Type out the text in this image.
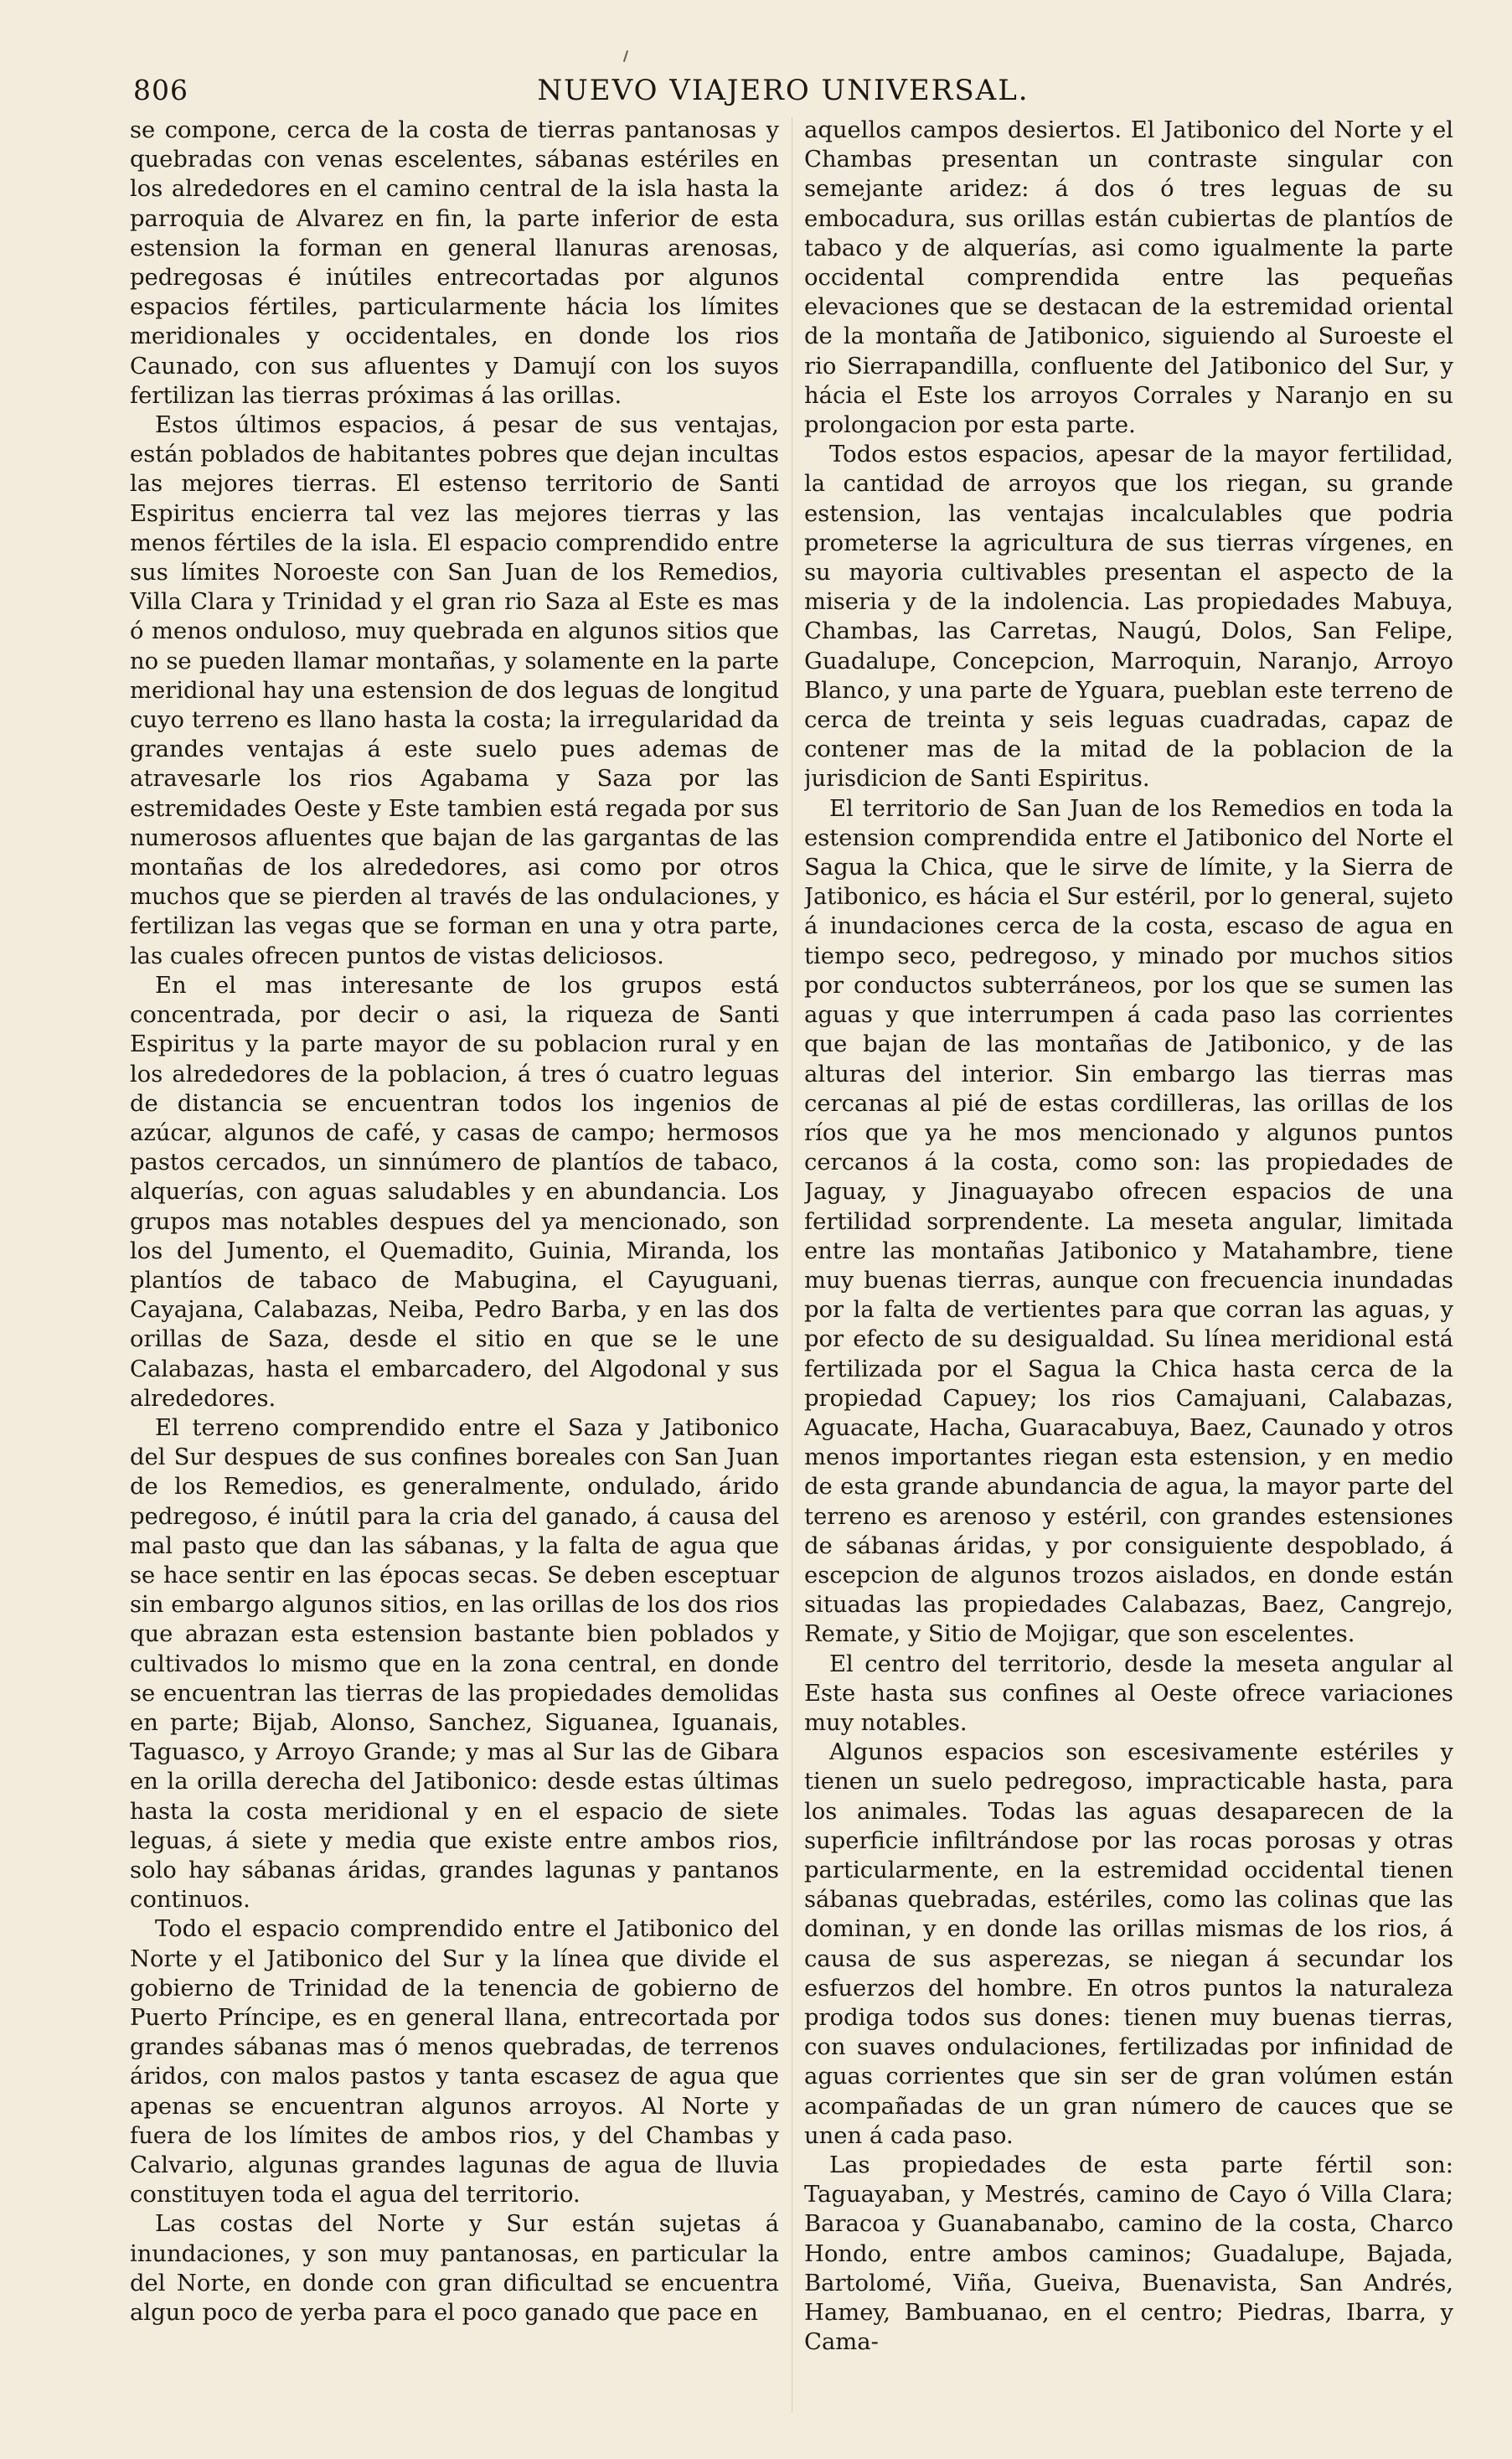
806	NUEVO VIAJERO UNIVERSAL.

se compone, cerca de la costa de tierras pantanosas y quebradas con venas escelentes, sábanas estériles en los alrededores en el camino central de la isla hasta la parroquia de Alvarez en fin, la parte inferior de esta estension la forman en general llanuras arenosas, pedregosas é inútiles entrecortadas por algunos espacios fértiles, particularmente hácia los límites meridionales y occidentales, en donde los rios Caunado, con sus afluentes y Damují con los suyos fertilizan las tierras próximas á las orillas.

Estos últimos espacios, á pesar de sus ventajas, están poblados de habitantes pobres que dejan incultas las mejores tierras. El estenso territorio de Santi Espiritus encierra tal vez las mejores tierras y las menos fértiles de la isla. El espacio comprendido entre sus límites Noroeste con San Juan de los Remedios, Villa Clara y Trinidad y el gran rio Saza al Este es mas ó menos onduloso, muy quebrada en algunos sitios que no se pueden llamar montañas, y solamente en la parte meridional hay una estension de dos leguas de longitud cuyo terreno es llano hasta la costa; la irregularidad da grandes ventajas á este suelo pues ademas de atravesarle los rios Agabama y Saza por las estremidades Oeste y Este tambien está regada por sus numerosos afluentes que bajan de las gargantas de las montañas de los alrededores, asi como por otros muchos que se pierden al través de las ondulaciones, y fertilizan las vegas que se forman en una y otra parte, las cuales ofrecen puntos de vistas deliciosos.

En el mas interesante de los grupos está concentrada, por decir o asi, la riqueza de Santi Espiritus y la parte mayor de su poblacion rural y en los alrededores de la poblacion, á tres ó cuatro leguas de distancia se encuentran todos los ingenios de azúcar, algunos de café, y casas de campo; hermosos pastos cercados, un sinnúmero de plantíos de tabaco, alquerías, con aguas saludables y en abundancia. Los grupos mas notables despues del ya mencionado, son los del Jumento, el Quemadito, Guinia, Miranda, los plantíos de tabaco de Mabugina, el Cayuguani, Cayajana, Calabazas, Neiba, Pedro Barba, y en las dos orillas de Saza, desde el sitio en que se le une Calabazas, hasta el embarcadero, del Algodonal y sus alrededores.

El terreno comprendido entre el Saza y Jatibonico del Sur despues de sus confines boreales con San Juan de los Remedios, es generalmente, ondulado, árido pedregoso, é inútil para la cria del ganado, á causa del mal pasto que dan las sábanas, y la falta de agua que se hace sentir en las épocas secas. Se deben esceptuar sin embargo algunos sitios, en las orillas de los dos rios que abrazan esta estension bastante bien poblados y cultivados lo mismo que en la zona central, en donde se encuentran las tierras de las propiedades demolidas en parte; Bijab, Alonso, Sanchez, Siguanea, Iguanais, Taguasco, y Arroyo Grande; y mas al Sur las de Gibara en la orilla derecha del Jatibonico: desde estas últimas hasta la costa meridional y en el espacio de siete leguas, á siete y media que existe entre ambos rios, solo hay sábanas áridas, grandes lagunas y pantanos continuos.

Todo el espacio comprendido entre el Jatibonico del Norte y el Jatibonico del Sur y la línea que divide el gobierno de Trinidad de la tenencia de gobierno de Puerto Príncipe, es en general llana, entrecortada por grandes sábanas mas ó menos quebradas, de terrenos áridos, con malos pastos y tanta escasez de agua que apenas se encuentran algunos arroyos. Al Norte y fuera de los límites de ambos rios, y del Chambas y Calvario, algunas grandes lagunas de agua de lluvia constituyen toda el agua del territorio.

Las costas del Norte y Sur están sujetas á inundaciones, y son muy pantanosas, en particular la del Norte, en donde con gran dificultad se encuentra algun poco de yerba para el poco ganado que pace en

aquellos campos desiertos. El Jatibonico del Norte y el Chambas presentan un contraste singular con semejante aridez: á dos ó tres leguas de su embocadura, sus orillas están cubiertas de plantíos de tabaco y de alquerías, asi como igualmente la parte occidental comprendida entre las pequeñas elevaciones que se destacan de la estremidad oriental de la montaña de Jatibonico, siguiendo al Suroeste el rio Sierrapandilla, confluente del Jatibonico del Sur, y hácia el Este los arroyos Corrales y Naranjo en su prolongacion por esta parte.

Todos estos espacios, apesar de la mayor fertilidad, la cantidad de arroyos que los riegan, su grande estension, las ventajas incalculables que podria prometerse la agricultura de sus tierras vírgenes, en su mayoria cultivables presentan el aspecto de la miseria y de la indolencia. Las propiedades Mabuya, Chambas, las Carretas, Naugú, Dolos, San Felipe, Guadalupe, Concepcion, Marroquin, Naranjo, Arroyo Blanco, y una parte de Yguara, pueblan este terreno de cerca de treinta y seis leguas cuadradas, capaz de contener mas de la mitad de la poblacion de la jurisdicion de Santi Espiritus.

El territorio de San Juan de los Remedios en toda la estension comprendida entre el Jatibonico del Norte el Sagua la Chica, que le sirve de límite, y la Sierra de Jatibonico, es hácia el Sur estéril, por lo general, sujeto á inundaciones cerca de la costa, escaso de agua en tiempo seco, pedregoso, y minado por muchos sitios por conductos subterráneos, por los que se sumen las aguas y que interrumpen á cada paso las corrientes que bajan de las montañas de Jatibonico, y de las alturas del interior. Sin embargo las tierras mas cercanas al pié de estas cordilleras, las orillas de los ríos que ya he mos mencionado y algunos puntos cercanos á la costa, como son: las propiedades de Jaguay, y Jinaguayabo ofrecen espacios de una fertilidad sorprendente. La meseta angular, limitada entre las montañas Jatibonico y Matahambre, tiene muy buenas tierras, aunque con frecuencia inundadas por la falta de vertientes para que corran las aguas, y por efecto de su desigualdad. Su línea meridional está fertilizada por el Sagua la Chica hasta cerca de la propiedad Capuey; los rios Camajuani, Calabazas, Aguacate, Hacha, Guaracabuya, Baez, Caunado y otros menos importantes riegan esta estension, y en medio de esta grande abundancia de agua, la mayor parte del terreno es arenoso y estéril, con grandes estensiones de sábanas áridas, y por consiguiente despoblado, á escepcion de algunos trozos aislados, en donde están situadas las propiedades Calabazas, Baez, Cangrejo, Remate, y Sitio de Mojigar, que son escelentes.

El centro del territorio, desde la meseta angular al Este hasta sus confines al Oeste ofrece variaciones muy notables.

Algunos espacios son escesivamente estériles y tienen un suelo pedregoso, impracticable hasta, para los animales. Todas las aguas desaparecen de la superficie infiltrándose por las rocas porosas y otras particularmente, en la estremidad occidental tienen sábanas quebradas, estériles, como las colinas que las dominan, y en donde las orillas mismas de los rios, á causa de sus asperezas, se niegan á secundar los esfuerzos del hombre. En otros puntos la naturaleza prodiga todos sus dones: tienen muy buenas tierras, con suaves ondulaciones, fertilizadas por infinidad de aguas corrientes que sin ser de gran volúmen están acompañadas de un gran número de cauces que se unen á cada paso.

Las propiedades de esta parte fértil son: Taguayaban, y Mestrés, camino de Cayo ó Villa Clara; Baracoa y Guanabanabo, camino de la costa, Charco Hondo, entre ambos caminos; Guadalupe, Bajada, Bartolomé, Viña, Gueiva, Buenavista, San Andrés, Hamey, Bambuanao, en el centro; Piedras, Ibarra, y Cama-
